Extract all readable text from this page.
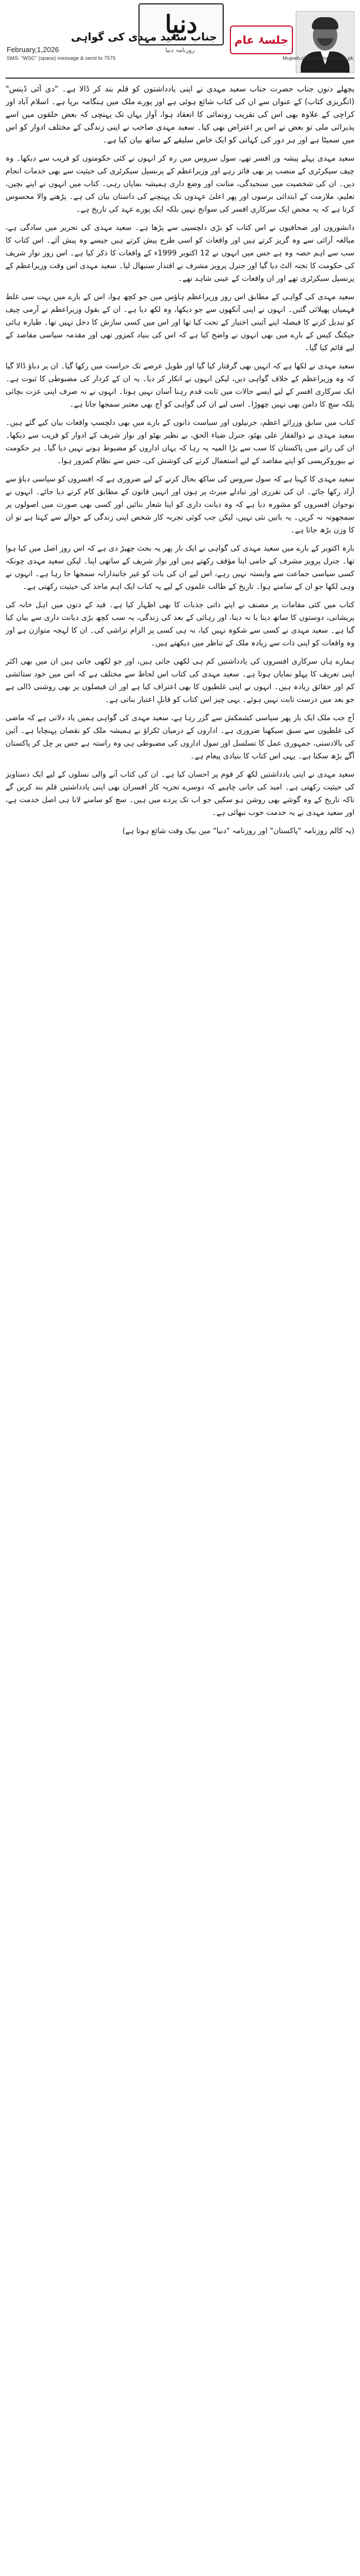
دنیا
روزنامہ دنیا
جناب سعید مہدی کی گواہی	جلسۂ عام
February,1,2026
SMS: "WSC" (space) message & send to 7575	Mujeeb.shami@dunya.com.pk

پچھلے دنوں جناب حضرت جناب سعید مہدی نے اپنی یادداشتوں کو قلم بند کر ڈالا ہے۔ "دی آئی ڈینس" (انگریزی کتاب) کے عنوان سے ان کی کتاب شائع ہوئی ہے اور پورے ملک میں ہنگامہ برپا ہے۔ اسلام آباد اور کراچی کے علاوہ بھی اس کی تقریب رونمائی کا انعقاد ہوا، آواز یہاں تک پہنچی کہ بعض حلقوں میں اسے پذیرائی ملی تو بعض نے اس پر اعتراض بھی کیا۔ سعید مہدی صاحب نے اپنی زندگی کے مختلف ادوار کو اس میں سمیٹا ہے اور ہر دور کی کہانی کو ایک خاص سلیقے کے ساتھ بیان کیا ہے۔

سعید مہدی پہلے پیشہ ور افسر تھے، سول سروس میں رہ کر انہوں نے کئی حکومتوں کو قریب سے دیکھا۔ وہ چیف سیکرٹری کے منصب پر بھی فائز رہے اور وزیراعظم کے پرنسپل سیکرٹری کی حیثیت سے بھی خدمات انجام دیں۔ ان کی شخصیت میں سنجیدگی، متانت اور وضع داری ہمیشہ نمایاں رہی۔ کتاب میں انہوں نے اپنے بچپن، تعلیم، ملازمت کے ابتدائی برسوں اور پھر اعلیٰ عہدوں تک پہنچنے کی داستان بیان کی ہے۔ پڑھنے والا محسوس کرتا ہے کہ یہ محض ایک سرکاری افسر کی سوانح نہیں بلکہ ایک پورے عہد کی تاریخ ہے۔

دانشوروں اور صحافیوں نے اس کتاب کو بڑی دلچسپی سے پڑھا ہے۔ سعید مہدی کی تحریر میں سادگی ہے، مبالغہ آرائی سے وہ گریز کرتے ہیں اور واقعات کو اسی طرح پیش کرتے ہیں جیسے وہ پیش آئے۔ اس کتاب کا سب سے اہم حصہ وہ ہے جس میں انہوں نے 12 اکتوبر 1999ء کے واقعات کا ذکر کیا ہے۔ اس روز نواز شریف کی حکومت کا تختہ الٹ دیا گیا اور جنرل پرویز مشرف نے اقتدار سنبھال لیا۔ سعید مہدی اس وقت وزیراعظم کے پرنسپل سیکرٹری تھے اور ان واقعات کے عینی شاہد تھے۔

سعید مہدی کی گواہی کے مطابق اس روز وزیراعظم ہاؤس میں جو کچھ ہوا، اس کے بارے میں بہت سی غلط فہمیاں پھیلائی گئیں۔ انہوں نے اپنی آنکھوں سے جو دیکھا، وہ لکھ دیا ہے۔ ان کے بقول وزیراعظم نے آرمی چیف کو تبدیل کرنے کا فیصلہ اپنے آئینی اختیار کے تحت کیا تھا اور اس میں کسی سازش کا دخل نہیں تھا۔ طیارہ ہائی جیکنگ کیس کے بارے میں بھی انہوں نے واضح کیا ہے کہ اس کی بنیاد کمزور تھی اور مقدمہ سیاسی مقاصد کے لیے قائم کیا گیا۔

سعید مہدی نے لکھا ہے کہ انہیں بھی گرفتار کیا گیا اور طویل عرصے تک حراست میں رکھا گیا۔ ان پر دباؤ ڈالا گیا کہ وہ وزیراعظم کے خلاف گواہی دیں، لیکن انہوں نے انکار کر دیا۔ یہ ان کے کردار کی مضبوطی کا ثبوت ہے۔ ایک سرکاری افسر کے لیے ایسے حالات میں ثابت قدم رہنا آسان نہیں ہوتا۔ انہوں نے نہ صرف اپنی عزت بچائی بلکہ سچ کا دامن بھی نہیں چھوڑا۔ اسی لیے ان کی گواہی کو آج بھی معتبر سمجھا جاتا ہے۔

کتاب میں سابق وزرائے اعظم، جرنیلوں اور سیاست دانوں کے بارے میں بھی دلچسپ واقعات بیان کیے گئے ہیں۔ سعید مہدی نے ذوالفقار علی بھٹو، جنرل ضیاء الحق، بے نظیر بھٹو اور نواز شریف کے ادوار کو قریب سے دیکھا۔ ان کی رائے میں پاکستان کا سب سے بڑا المیہ یہ رہا کہ یہاں اداروں کو مضبوط ہونے نہیں دیا گیا۔ ہر حکومت نے بیوروکریسی کو اپنے مقاصد کے لیے استعمال کرنے کی کوشش کی، جس سے نظام کمزور ہوا۔

سعید مہدی کا کہنا ہے کہ سول سروس کی ساکھ بحال کرنے کے لیے ضروری ہے کہ افسروں کو سیاسی دباؤ سے آزاد رکھا جائے۔ ان کی تقرری اور تبادلے میرٹ پر ہوں اور انہیں قانون کے مطابق کام کرنے دیا جائے۔ انہوں نے نوجوان افسروں کو مشورہ دیا ہے کہ وہ دیانت داری کو اپنا شعار بنائیں اور کسی بھی صورت میں اصولوں پر سمجھوتہ نہ کریں۔ یہ باتیں نئی نہیں، لیکن جب کوئی تجربہ کار شخص اپنی زندگی کے حوالے سے کہتا ہے تو ان کا وزن بڑھ جاتا ہے۔

بارہ اکتوبر کے بارے میں سعید مہدی کی گواہی نے ایک بار پھر یہ بحث چھیڑ دی ہے کہ اس روز اصل میں کیا ہوا تھا۔ جنرل پرویز مشرف کے حامی اپنا مؤقف رکھتے ہیں اور نواز شریف کے ساتھی اپنا۔ لیکن سعید مہدی چونکہ کسی سیاسی جماعت سے وابستہ نہیں رہے، اس لیے ان کی بات کو غیر جانبدارانہ سمجھا جا رہا ہے۔ انہوں نے وہی لکھا جو ان کے سامنے ہوا۔ تاریخ کے طالب علموں کے لیے یہ کتاب ایک اہم ماخذ کی حیثیت رکھتی ہے۔

کتاب میں کئی مقامات پر مصنف نے اپنے ذاتی جذبات کا بھی اظہار کیا ہے۔ قید کے دنوں میں اہل خانہ کی پریشانی، دوستوں کا ساتھ دینا یا نہ دینا، اور رہائی کے بعد کی زندگی، یہ سب کچھ بڑی دیانت داری سے بیان کیا گیا ہے۔ سعید مہدی نے کسی سے شکوہ نہیں کیا، نہ ہی کسی پر الزام تراشی کی۔ ان کا لہجہ متوازن ہے اور وہ واقعات کو اپنی ذات سے زیادہ ملک کے تناظر میں دیکھتے ہیں۔

ہمارے ہاں سرکاری افسروں کی یادداشتیں کم ہی لکھی جاتی ہیں، اور جو لکھی جاتی ہیں ان میں بھی اکثر اپنی تعریف کا پہلو نمایاں ہوتا ہے۔ سعید مہدی کی کتاب اس لحاظ سے مختلف ہے کہ اس میں خود ستائشی کم اور حقائق زیادہ ہیں۔ انہوں نے اپنی غلطیوں کا بھی اعتراف کیا ہے اور ان فیصلوں پر بھی روشنی ڈالی ہے جو بعد میں درست ثابت نہیں ہوئے۔ یہی چیز اس کتاب کو قابلِ اعتبار بناتی ہے۔

آج جب ملک ایک بار پھر سیاسی کشمکش سے گزر رہا ہے، سعید مہدی کی گواہی ہمیں یاد دلاتی ہے کہ ماضی کی غلطیوں سے سبق سیکھنا ضروری ہے۔ اداروں کے درمیان ٹکراؤ نے ہمیشہ ملک کو نقصان پہنچایا ہے۔ آئین کی بالادستی، جمہوری عمل کا تسلسل اور سول اداروں کی مضبوطی ہی وہ راستہ ہے جس پر چل کر پاکستان آگے بڑھ سکتا ہے۔ یہی اس کتاب کا بنیادی پیغام ہے۔

سعید مہدی نے اپنی یادداشتیں لکھ کر قوم پر احسان کیا ہے۔ ان کی کتاب آنے والی نسلوں کے لیے ایک دستاویز کی حیثیت رکھتی ہے۔ امید کی جانی چاہیے کہ دوسرے تجربہ کار افسران بھی اپنی یادداشتیں قلم بند کریں گے تاکہ تاریخ کے وہ گوشے بھی روشن ہو سکیں جو اب تک پردے میں ہیں۔ سچ کو سامنے لانا ہی اصل خدمت ہے، اور سعید مہدی نے یہ خدمت خوب نبھائی ہے۔

(یہ کالم روزنامہ "پاکستان" اور روزنامہ "دنیا" میں بیک وقت شائع ہوتا ہے)
